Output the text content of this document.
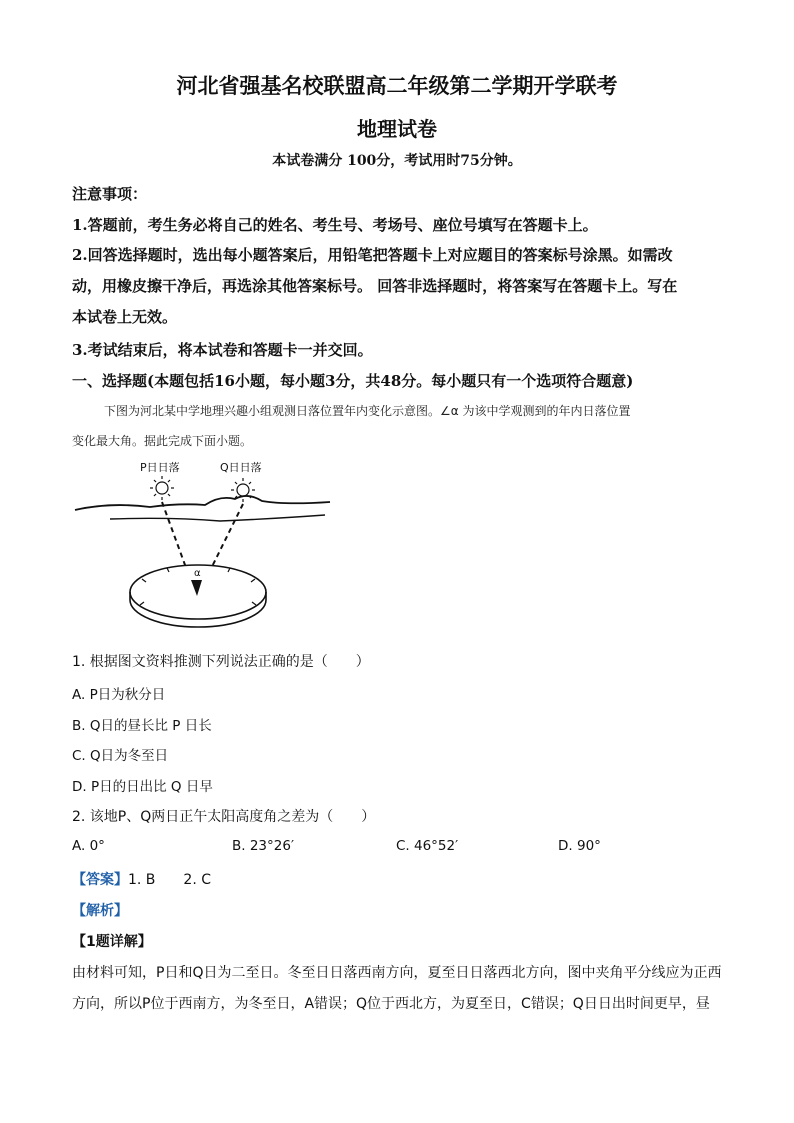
河北省强基名校联盟高二年级第二学期开学联考
地理试卷
本试卷满分 100分，考试用时75分钟。
注意事项：
1.答题前，考生务必将自己的姓名、考生号、考场号、座位号填写在答题卡上。
2.回答选择题时，选出每小题答案后，用铅笔把答题卡上对应题目的答案标号涂黑。如需改
动，用橡皮擦干净后，再选涂其他答案标号。 回答非选择题时，将答案写在答题卡上。写在
本试卷上无效。
3.考试结束后，将本试卷和答题卡一并交回。
一、选择题(本题包括16小题，每小题3分，共48分。每小题只有一个选项符合题意)
下图为河北某中学地理兴趣小组观测日落位置年内变化示意图。∠α 为该中学观测到的年内日落位置
变化最大角。据此完成下面小题。
P日日落	Q日日落
α
1. 根据图文资料推测下列说法正确的是（　　）
A. P日为秋分日
B. Q日的昼长比 P 日长
C. Q日为冬至日
D. P日的日出比 Q 日早
2. 该地P、Q两日正午太阳高度角之差为（　　）
A. 0°	B. 23°26′	C. 46°52′	D. 90°
【答案】1. B　　2. C
【解析】
【1题详解】
由材料可知，P日和Q日为二至日。冬至日日落西南方向，夏至日日落西北方向，图中夹角平分线应为正西
方向，所以P位于西南方，为冬至日，A错误；Q位于西北方，为夏至日，C错误；Q日日出时间更早，昼
